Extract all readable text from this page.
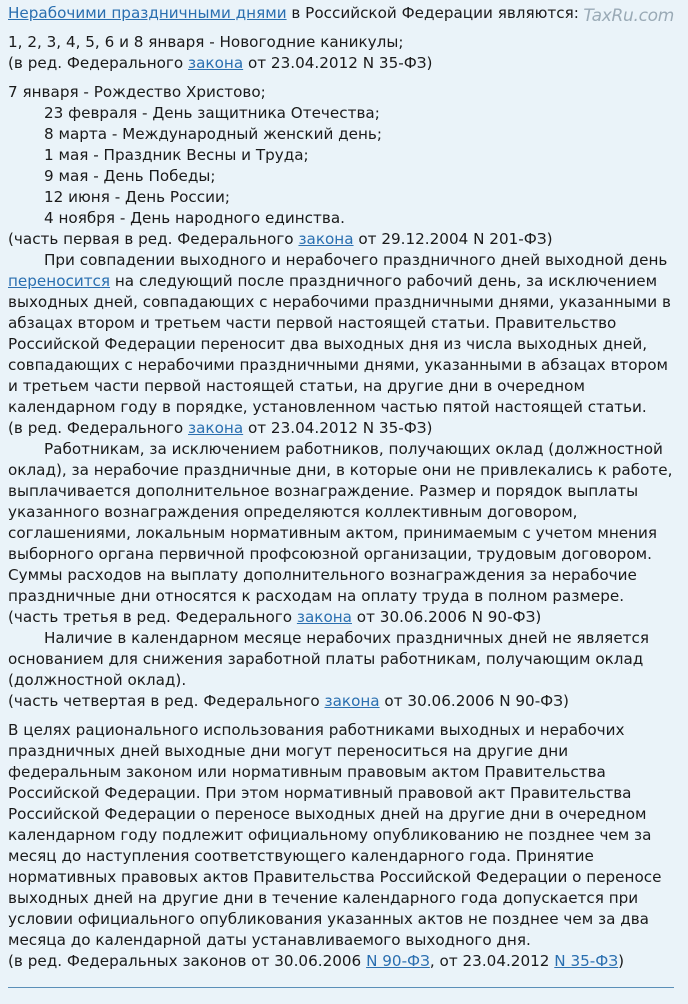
TaxRu.com

Нерабочими праздничными днями в Российской Федерации являются:

1, 2, 3, 4, 5, 6 и 8 января - Новогодние каникулы;

(в ред. Федерального закона от 23.04.2012 N 35-ФЗ)

7 января - Рождество Христово;

23 февраля - День защитника Отечества;

8 марта - Международный женский день;

1 мая - Праздник Весны и Труда;

9 мая - День Победы;

12 июня - День России;

4 ноября - День народного единства.

(часть первая в ред. Федерального закона от 29.12.2004 N 201-ФЗ)

При совпадении выходного и нерабочего праздничного дней выходной день переносится на следующий после праздничного рабочий день, за исключением выходных дней, совпадающих с нерабочими праздничными днями, указанными в абзацах втором и третьем части первой настоящей статьи. Правительство Российской Федерации переносит два выходных дня из числа выходных дней, совпадающих с нерабочими праздничными днями, указанными в абзацах втором и третьем части первой настоящей статьи, на другие дни в очередном календарном году в порядке, установленном частью пятой настоящей статьи.

(в ред. Федерального закона от 23.04.2012 N 35-ФЗ)

Работникам, за исключением работников, получающих оклад (должностной оклад), за нерабочие праздничные дни, в которые они не привлекались к работе, выплачивается дополнительное вознаграждение. Размер и порядок выплаты указанного вознаграждения определяются коллективным договором, соглашениями, локальным нормативным актом, принимаемым с учетом мнения выборного органа первичной профсоюзной организации, трудовым договором. Суммы расходов на выплату дополнительного вознаграждения за нерабочие праздничные дни относятся к расходам на оплату труда в полном размере.

(часть третья в ред. Федерального закона от 30.06.2006 N 90-ФЗ)

Наличие в календарном месяце нерабочих праздничных дней не является основанием для снижения заработной платы работникам, получающим оклад (должностной оклад).

(часть четвертая в ред. Федерального закона от 30.06.2006 N 90-ФЗ)

В целях рационального использования работниками выходных и нерабочих праздничных дней выходные дни могут переноситься на другие дни федеральным законом или нормативным правовым актом Правительства Российской Федерации. При этом нормативный правовой акт Правительства Российской Федерации о переносе выходных дней на другие дни в очередном календарном году подлежит официальному опубликованию не позднее чем за месяц до наступления соответствующего календарного года. Принятие нормативных правовых актов Правительства Российской Федерации о переносе выходных дней на другие дни в течение календарного года допускается при условии официального опубликования указанных актов не позднее чем за два месяца до календарной даты устанавливаемого выходного дня.

(в ред. Федеральных законов от 30.06.2006 N 90-ФЗ, от 23.04.2012 N 35-ФЗ)
